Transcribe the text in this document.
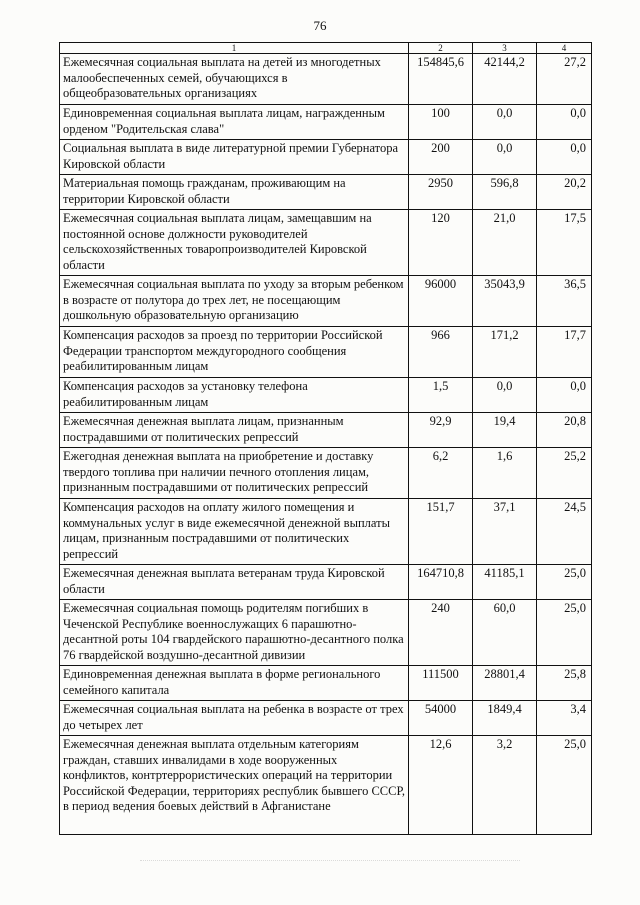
76
1	2	3	4
Ежемесячная социальная выплата на детей из многодетных малообеспеченных семей, обучающихся в общеобразовательных организациях	154845,6	42144,2	27,2
Единовременная социальная выплата лицам, награжденным орденом "Родительская слава"	100	0,0	0,0
Социальная выплата в виде литературной премии Губернатора Кировской области	200	0,0	0,0
Материальная помощь гражданам, проживающим на территории Кировской области	2950	596,8	20,2
Ежемесячная социальная выплата лицам, замещавшим на постоянной основе должности руководителей сельскохозяйственных товаропроизводителей Кировской области	120	21,0	17,5
Ежемесячная социальная выплата по уходу за вторым ребенком в возрасте от полутора до трех лет, не посещающим дошкольную образовательную организацию	96000	35043,9	36,5
Компенсация расходов за проезд по территории Российской Федерации транспортом междугородного сообщения реабилитированным лицам	966	171,2	17,7
Компенсация расходов за установку телефона реабилитированным лицам	1,5	0,0	0,0
Ежемесячная денежная выплата лицам, признанным пострадавшими от политических репрессий	92,9	19,4	20,8
Ежегодная денежная выплата на приобретение и доставку твердого топлива при наличии печного отопления лицам, признанным пострадавшими от политических репрессий	6,2	1,6	25,2
Компенсация расходов на оплату жилого помещения и коммунальных услуг в виде ежемесячной денежной выплаты лицам, признанным пострадавшими от политических репрессий	151,7	37,1	24,5
Ежемесячная денежная выплата ветеранам труда Кировской области	164710,8	41185,1	25,0
Ежемесячная социальная помощь родителям погибших в Чеченской Республике военнослужащих 6 парашютно-десантной роты 104 гвардейского парашютно-десантного полка 76 гвардейской воздушно-десантной дивизии	240	60,0	25,0
Единовременная денежная выплата в форме регионального семейного капитала	111500	28801,4	25,8
Ежемесячная социальная выплата на ребенка в возрасте от трех до четырех лет	54000	1849,4	3,4
Ежемесячная денежная выплата отдельным категориям граждан, ставших инвалидами в ходе вооруженных конфликтов, контртеррористических операций на территории Российской Федерации, территориях республик бывшего СССР, в период ведения боевых действий в Афганистане	12,6	3,2	25,0
